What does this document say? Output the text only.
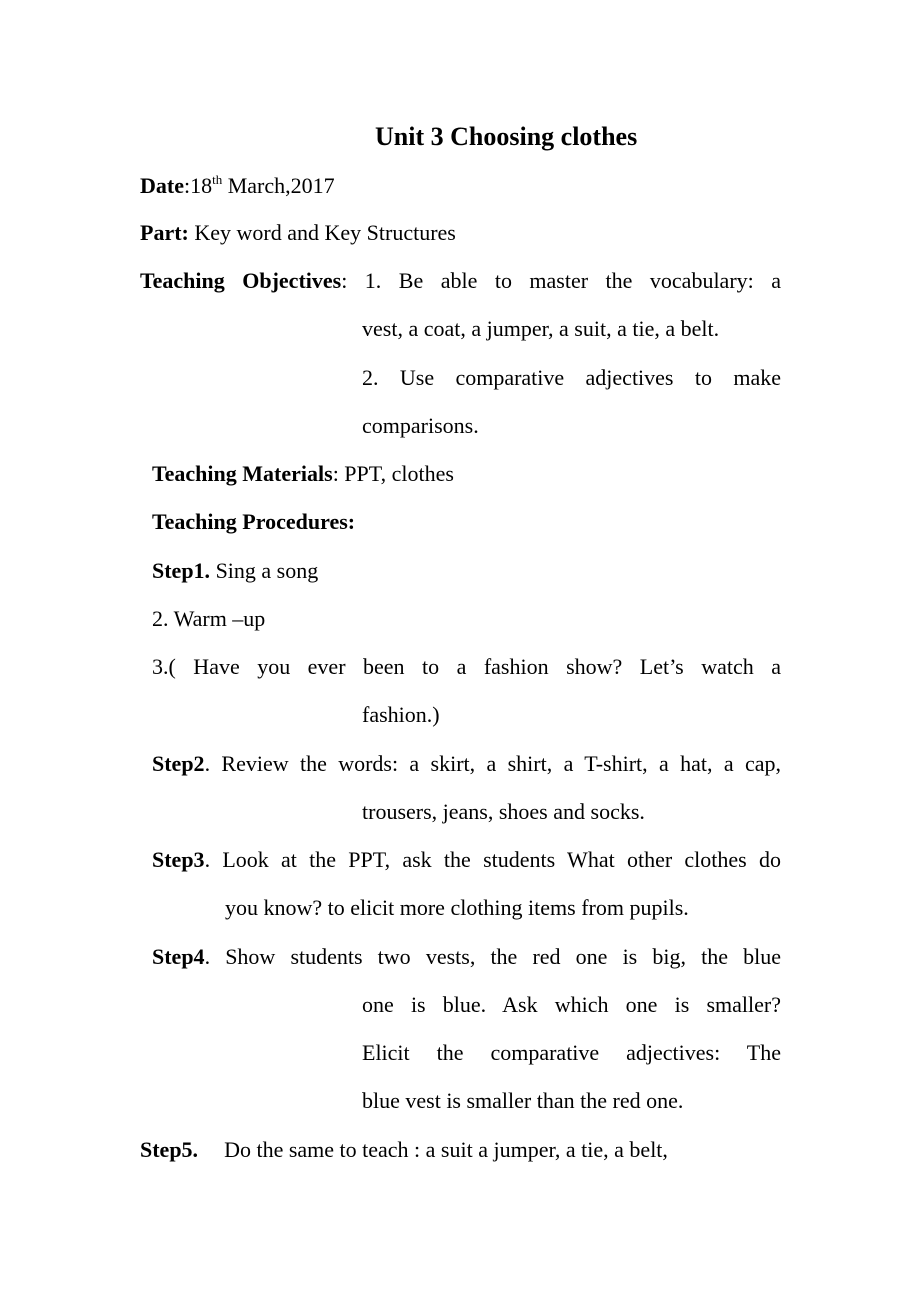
Unit 3 Choosing clothes
Date:18th March,2017
Part: Key word and Key Structures
Teaching Objectives: 1. Be able to master the vocabulary: a
vest, a coat, a jumper, a suit, a tie, a belt.
2. Use comparative adjectives to make
comparisons.
Teaching Materials: PPT, clothes
Teaching Procedures:
Step1. Sing a song
2. Warm –up
3.( Have you ever been to a fashion show? Let’s watch a
fashion.)
Step2. Review the words: a skirt, a shirt, a T-shirt, a hat, a cap,
trousers, jeans, shoes and socks.
Step3. Look at the PPT, ask the students What other clothes do
you know? to elicit more clothing items from pupils.
Step4. Show students two vests, the red one is big, the blue
one is blue. Ask which one is smaller?
Elicit the comparative adjectives: The
blue vest is smaller than the red one.
Step5. Do the same to teach : a suit a jumper, a tie, a belt,
